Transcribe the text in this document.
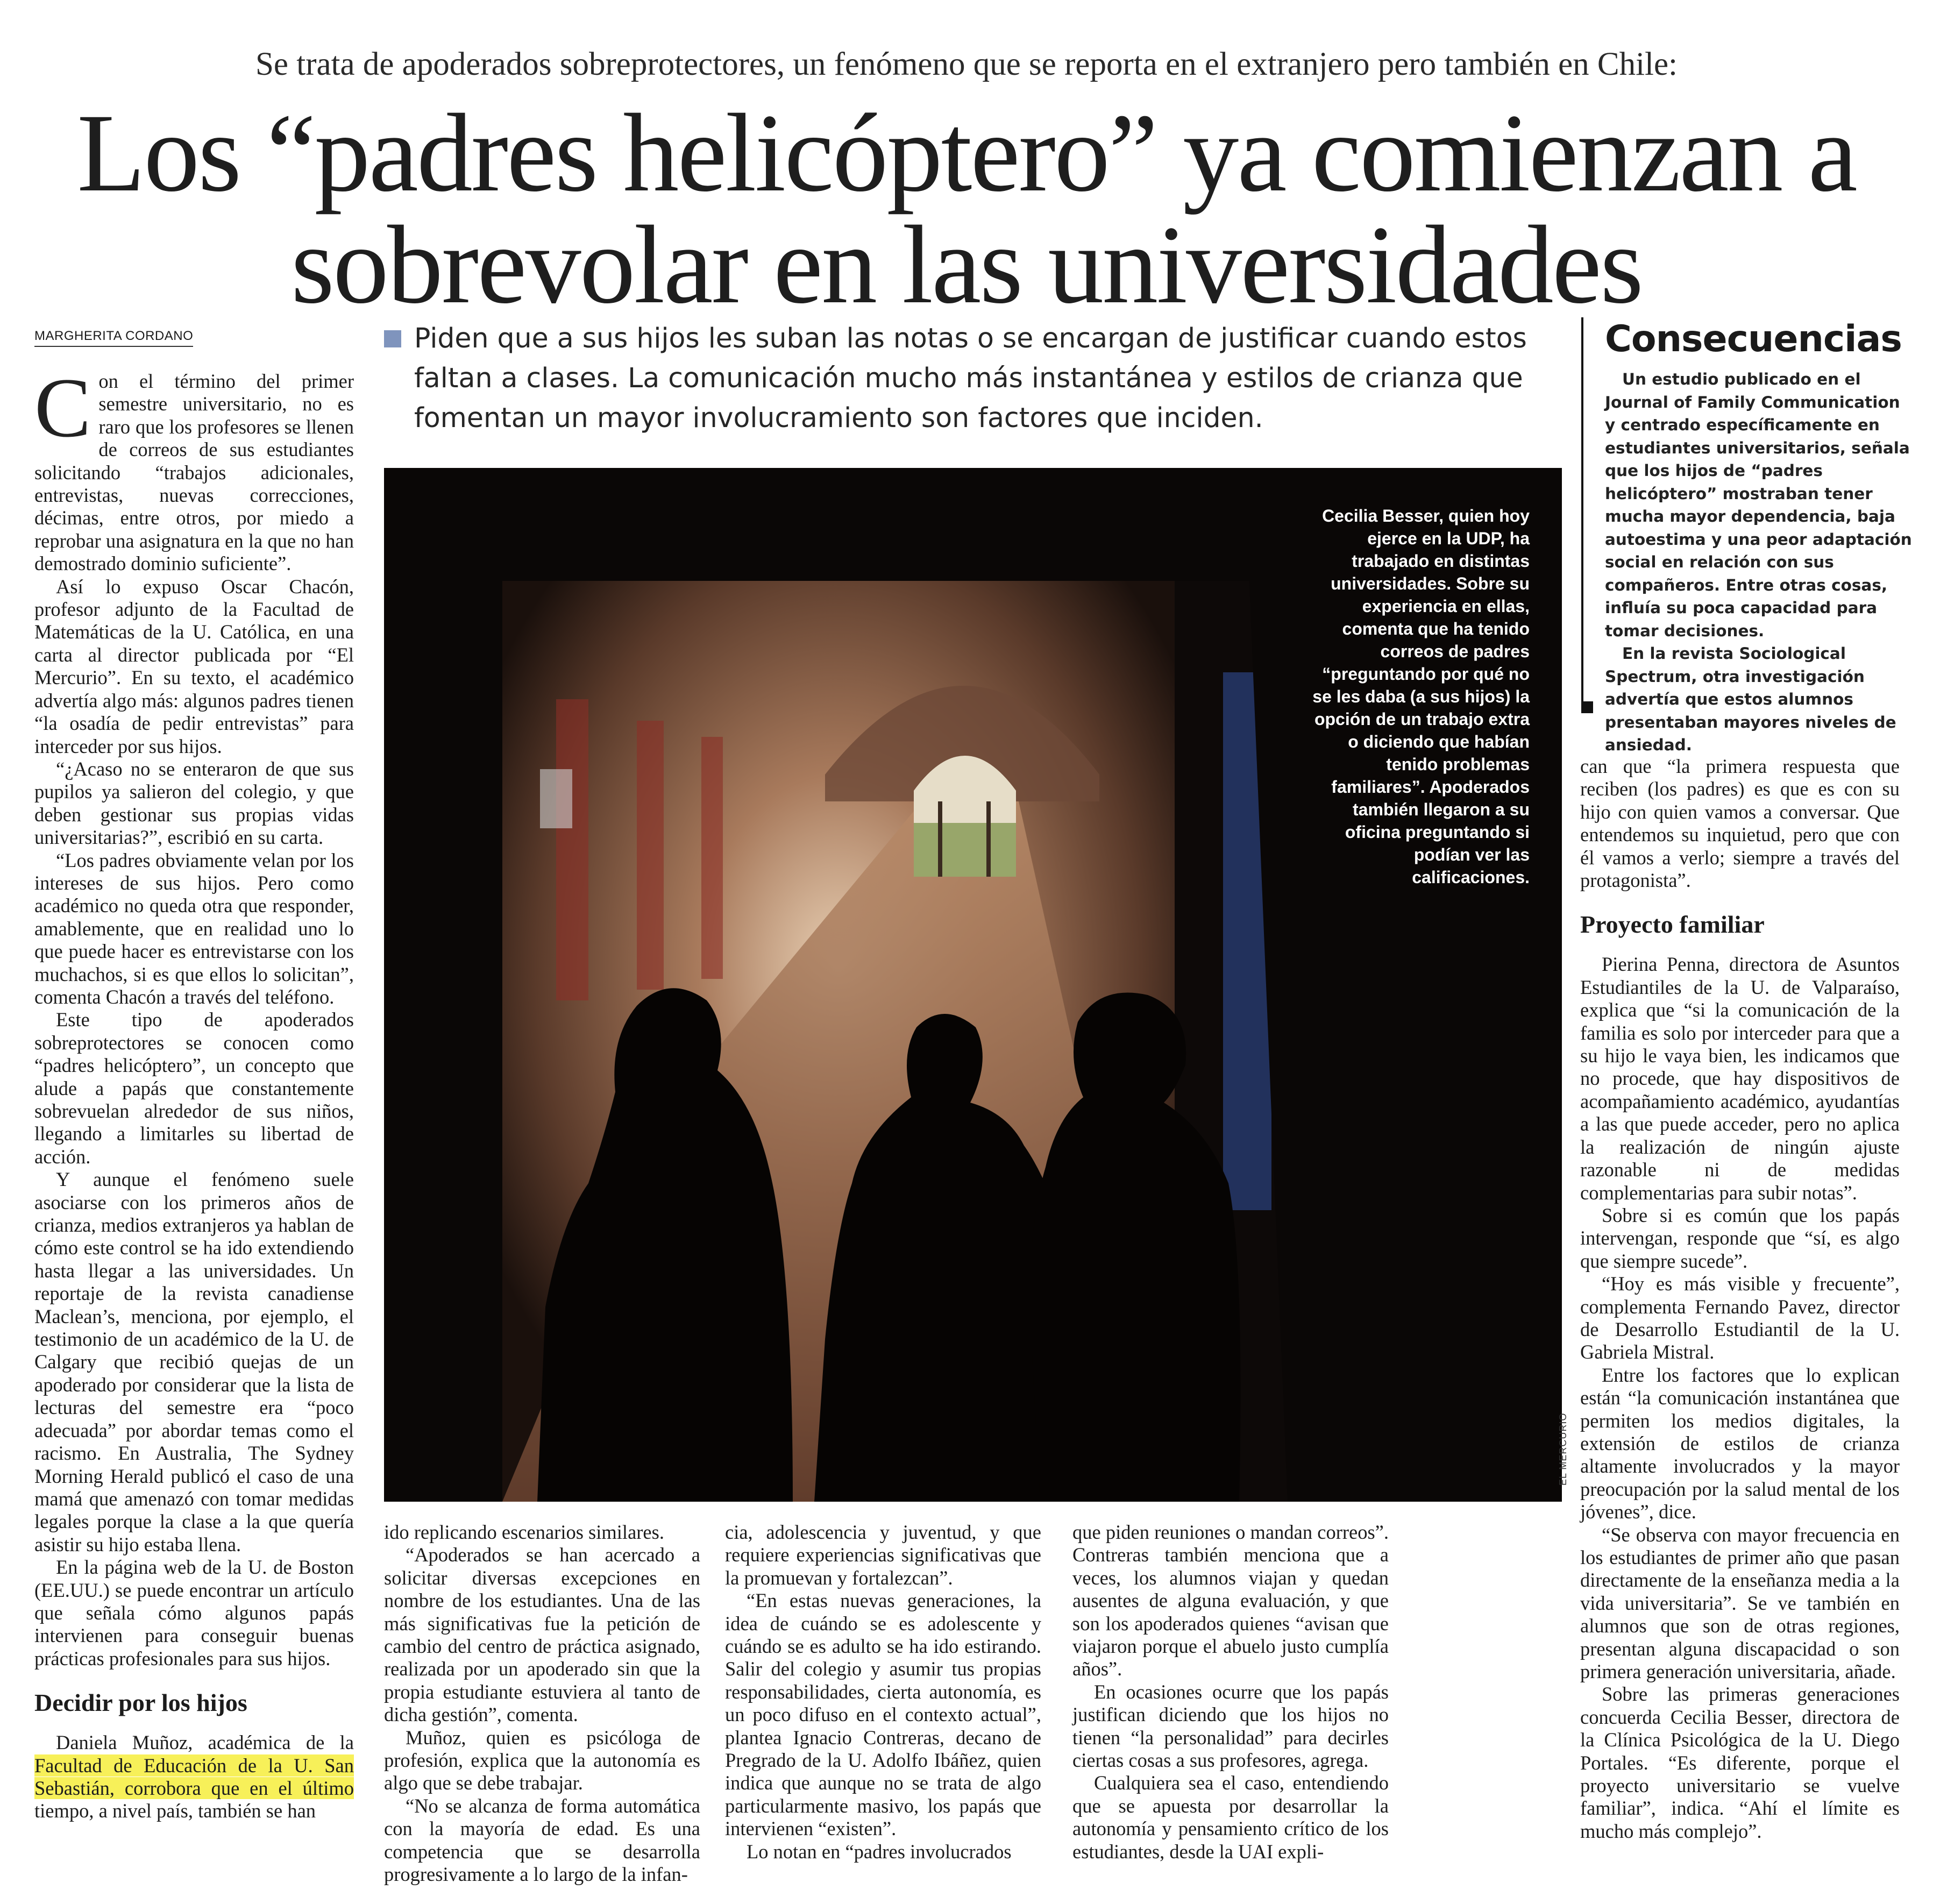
Se trata de apoderados sobreprotectores, un fenómeno que se reporta en el extranjero pero también en Chile:
Los “padres helicóptero” ya comienzan a
sobrevolar en las universidades
MARGHERITA CORDANO

Con el término del primer semestre universitario, no es raro que los profesores se llenen de correos de sus estudiantes solicitando “trabajos adicionales, entrevistas, nuevas correcciones, décimas, entre otros, por miedo a reprobar una asignatura en la que no han demostrado dominio suficiente”.

Así lo expuso Oscar Chacón, profesor adjunto de la Facultad de Matemáticas de la U. Católica, en una carta al director publicada por “El Mercurio”. En su texto, el académico advertía algo más: algunos padres tienen “la osadía de pedir entrevistas” para interceder por sus hijos.

“¿Acaso no se enteraron de que sus pupilos ya salieron del colegio, y que deben gestionar sus propias vidas universitarias?”, escribió en su carta.

“Los padres obviamente velan por los intereses de sus hijos. Pero como académico no queda otra que responder, amablemente, que en realidad uno lo que puede hacer es entrevistarse con los muchachos, si es que ellos lo solicitan”, comenta Chacón a través del teléfono.

Este tipo de apoderados sobreprotectores se conocen como “padres helicóptero”, un concepto que alude a papás que constantemente sobrevuelan alrededor de sus niños, llegando a limitarles su libertad de acción.

Y aunque el fenómeno suele asociarse con los primeros años de crianza, medios extranjeros ya hablan de cómo este control se ha ido extendiendo hasta llegar a las universidades. Un reportaje de la revista canadiense Maclean’s, menciona, por ejemplo, el testimonio de un académico de la U. de Calgary que recibió quejas de un apoderado por considerar que la lista de lecturas del semestre era “poco adecuada” por abordar temas como el racismo. En Australia, The Sydney Morning Herald publicó el caso de una mamá que amenazó con tomar medidas legales porque la clase a la que quería asistir su hijo estaba llena.

En la página web de la U. de Boston (EE.UU.) se puede encontrar un artículo que señala cómo algunos papás intervienen para conseguir buenas prácticas profesionales para sus hijos.

Decidir por los hijos

Daniela Muñoz, académica de la Facultad de Educación de la U. San Sebastián, corrobora que en el último tiempo, a nivel país, también se han

Piden que a sus hijos les suban las notas o se encargan de justificar cuando estos faltan a clases. La comunicación mucho más instantánea y estilos de crianza que fomentan un mayor involucramiento son factores que inciden.
Cecilia Besser, quien hoy ejerce en la UDP, ha trabajado en distintas universidades. Sobre su experiencia en ellas, comenta que ha tenido correos de padres “preguntando por qué no se les daba (a sus hijos) la opción de un trabajo extra o diciendo que habían tenido problemas familiares”. Apoderados también llegaron a su oficina preguntando si podían ver las calificaciones.
EL MERCURIO
Consecuencias

Un estudio publicado en el Journal of Family Communication y centrado específicamente en estudiantes universitarios, señala que los hijos de “padres helicóptero” mostraban tener mucha mayor dependencia, baja autoestima y una peor adaptación social en relación con sus compañeros. Entre otras cosas, influía su poca capacidad para tomar decisiones.

En la revista Sociological Spectrum, otra investigación advertía que estos alumnos presentaban mayores niveles de ansiedad.

ido replicando escenarios similares.

“Apoderados se han acercado a solicitar diversas excepciones en nombre de los estudiantes. Una de las más significativas fue la petición de cambio del centro de práctica asignado, realizada por un apoderado sin que la propia estudiante estuviera al tanto de dicha gestión”, comenta.

Muñoz, quien es psicóloga de profesión, explica que la autonomía es algo que se debe trabajar.

“No se alcanza de forma automática con la mayoría de edad. Es una competencia que se desarrolla progresivamente a lo largo de la infan-

cia, adolescencia y juventud, y que requiere experiencias significativas que la promuevan y fortalezcan”.

“En estas nuevas generaciones, la idea de cuándo se es adolescente y cuándo se es adulto se ha ido estirando. Salir del colegio y asumir tus propias responsabilidades, cierta autonomía, es un poco difuso en el contexto actual”, plantea Ignacio Contreras, decano de Pregrado de la U. Adolfo Ibáñez, quien indica que aunque no se trata de algo particularmente masivo, los papás que intervienen “existen”.

Lo notan en “padres involucrados

que piden reuniones o mandan correos”. Contreras también menciona que a veces, los alumnos viajan y quedan ausentes de alguna evaluación, y que son los apoderados quienes “avisan que viajaron porque el abuelo justo cumplía años”.

En ocasiones ocurre que los papás justifican diciendo que los hijos no tienen “la personalidad” para decirles ciertas cosas a sus profesores, agrega.

Cualquiera sea el caso, entendiendo que se apuesta por desarrollar la autonomía y pensamiento crítico de los estudiantes, desde la UAI expli-

can que “la primera respuesta que reciben (los padres) es que es con su hijo con quien vamos a conversar. Que entendemos su inquietud, pero que con él vamos a verlo; siempre a través del protagonista”.

Proyecto familiar

Pierina Penna, directora de Asuntos Estudiantiles de la U. de Valparaíso, explica que “si la comunicación de la familia es solo por interceder para que a su hijo le vaya bien, les indicamos que no procede, que hay dispositivos de acompañamiento académico, ayudantías a las que puede acceder, pero no aplica la realización de ningún ajuste razonable ni de medidas complementarias para subir notas”.

Sobre si es común que los papás intervengan, responde que “sí, es algo que siempre sucede”.

“Hoy es más visible y frecuente”, complementa Fernando Pavez, director de Desarrollo Estudiantil de la U. Gabriela Mistral.

Entre los factores que lo explican están “la comunicación instantánea que permiten los medios digitales, la extensión de estilos de crianza altamente involucrados y la mayor preocupación por la salud mental de los jóvenes”, dice.

“Se observa con mayor frecuencia en los estudiantes de primer año que pasan directamente de la enseñanza media a la vida universitaria”. Se ve también en alumnos que son de otras regiones, presentan alguna discapacidad o son primera generación universitaria, añade.

Sobre las primeras generaciones concuerda Cecilia Besser, directora de la Clínica Psicológica de la U. Diego Portales. “Es diferente, porque el proyecto universitario se vuelve familiar”, indica. “Ahí el límite es mucho más complejo”.
